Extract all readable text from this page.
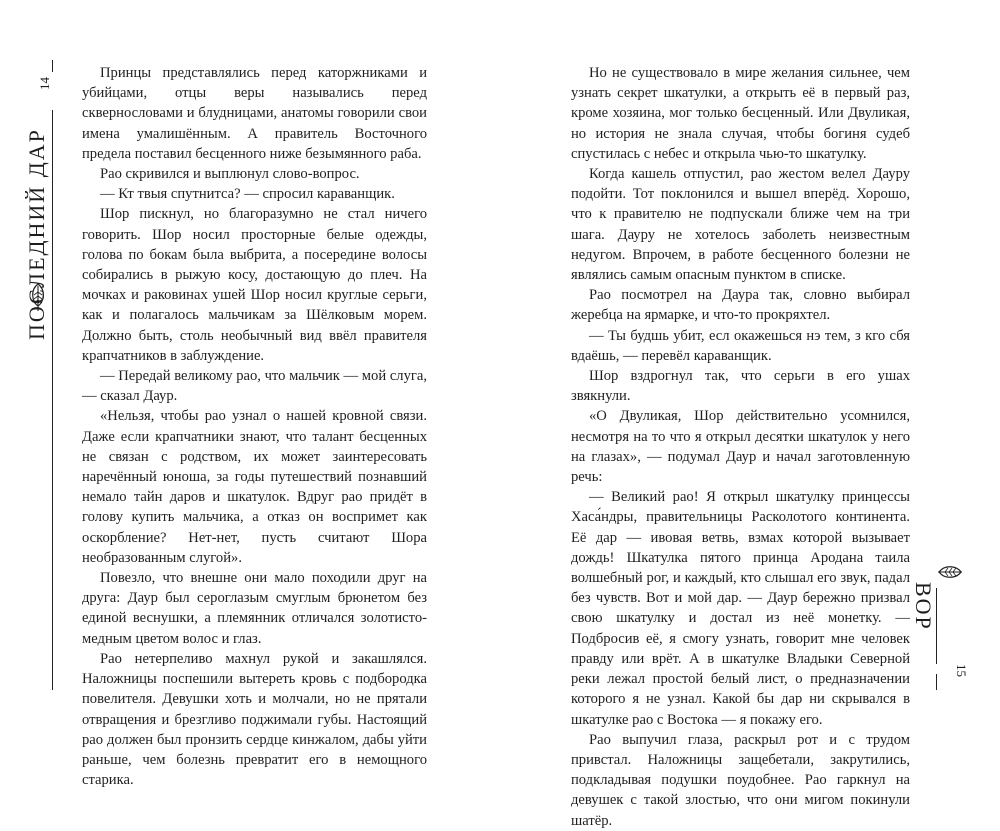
14
ПОСЛЕДНИЙ ДАР

Принцы представлялись перед каторжниками и убийцами, отцы веры назывались перед сквернословами и блудницами, анатомы говорили свои имена умалишённым. А правитель Восточного предела поставил бесценного ниже безымянного раба.

Рао скривился и выплюнул слово-вопрос.

— Кт твыя спутнитса? — спросил караванщик.

Шор пискнул, но благоразумно не стал ничего говорить. Шор носил просторные белые одежды, голова по бокам была выбрита, а посередине волосы собирались в рыжую косу, достающую до плеч. На мочках и раковинах ушей Шор носил круглые серьги, как и полагалось мальчикам за Шёлковым морем. Должно быть, столь необычный вид ввёл правителя крапчатников в заблуждение.

— Передай великому рао, что мальчик — мой слуга, — сказал Даур.

«Нельзя, чтобы рао узнал о нашей кровной связи. Даже если крапчатники знают, что талант бесценных не связан с родством, их может заинтересовать наречённый юноша, за годы путешествий познавший немало тайн даров и шкатулок. Вдруг рао придёт в голову купить мальчика, а отказ он воспримет как оскорбление? Нет-нет, пусть считают Шора необразованным слугой».

Повезло, что внешне они мало походили друг на друга: Даур был сероглазым смуглым брюнетом без единой веснушки, а племянник отличался золотисто-медным цветом волос и глаз.

Рао нетерпеливо махнул рукой и закашлялся. Наложницы поспешили вытереть кровь с подбородка повелителя. Девушки хоть и молчали, но не прятали отвращения и брезгливо поджимали губы. Настоящий рао должен был пронзить сердце кинжалом, дабы уйти раньше, чем болезнь превратит его в немощного старика.

Но не существовало в мире желания сильнее, чем узнать секрет шкатулки, а открыть её в первый раз, кроме хозяина, мог только бесценный. Или Двуликая, но история не знала случая, чтобы богиня судеб спустилась с небес и открыла чью-то шкатулку.

Когда кашель отпустил, рао жестом велел Дауру подойти. Тот поклонился и вышел вперёд. Хорошо, что к правителю не подпускали ближе чем на три шага. Дауру не хотелось заболеть неизвестным недугом. Впрочем, в работе бесценного болезни не являлись самым опасным пунктом в списке.

Рао посмотрел на Даура так, словно выбирал жеребца на ярмарке, и что-то прокряхтел.

— Ты будшь убит, есл окажешься нэ тем, з кго сбя вдаёшь, — перевёл караванщик.

Шор вздрогнул так, что серьги в его ушах звякнули.

«О Двуликая, Шор действительно усомнился, несмотря на то что я открыл десятки шкатулок у него на глазах», — подумал Даур и начал заготовленную речь:

— Великий рао! Я открыл шкатулку принцессы Хаса́ндры, правительницы Расколотого континента. Её дар — ивовая ветвь, взмах которой вызывает дождь! Шкатулка пятого принца Ародана таила волшебный рог, и каждый, кто слышал его звук, падал без чувств. Вот и мой дар. — Даур бережно призвал свою шкатулку и достал из неё монетку. — Подбросив её, я смогу узнать, говорит мне человек правду или врёт. А в шкатулке Владыки Северной реки лежал простой белый лист, о предназначении которого я не узнал. Какой бы дар ни скрывался в шкатулке рао с Востока — я покажу его.

Рао выпучил глаза, раскрыл рот и с трудом привстал. Наложницы защебетали, закрутились, подкладывая подушки поудобнее. Рао гаркнул на девушек с такой злостью, что они мигом покинули шатёр.

ВОР
15
